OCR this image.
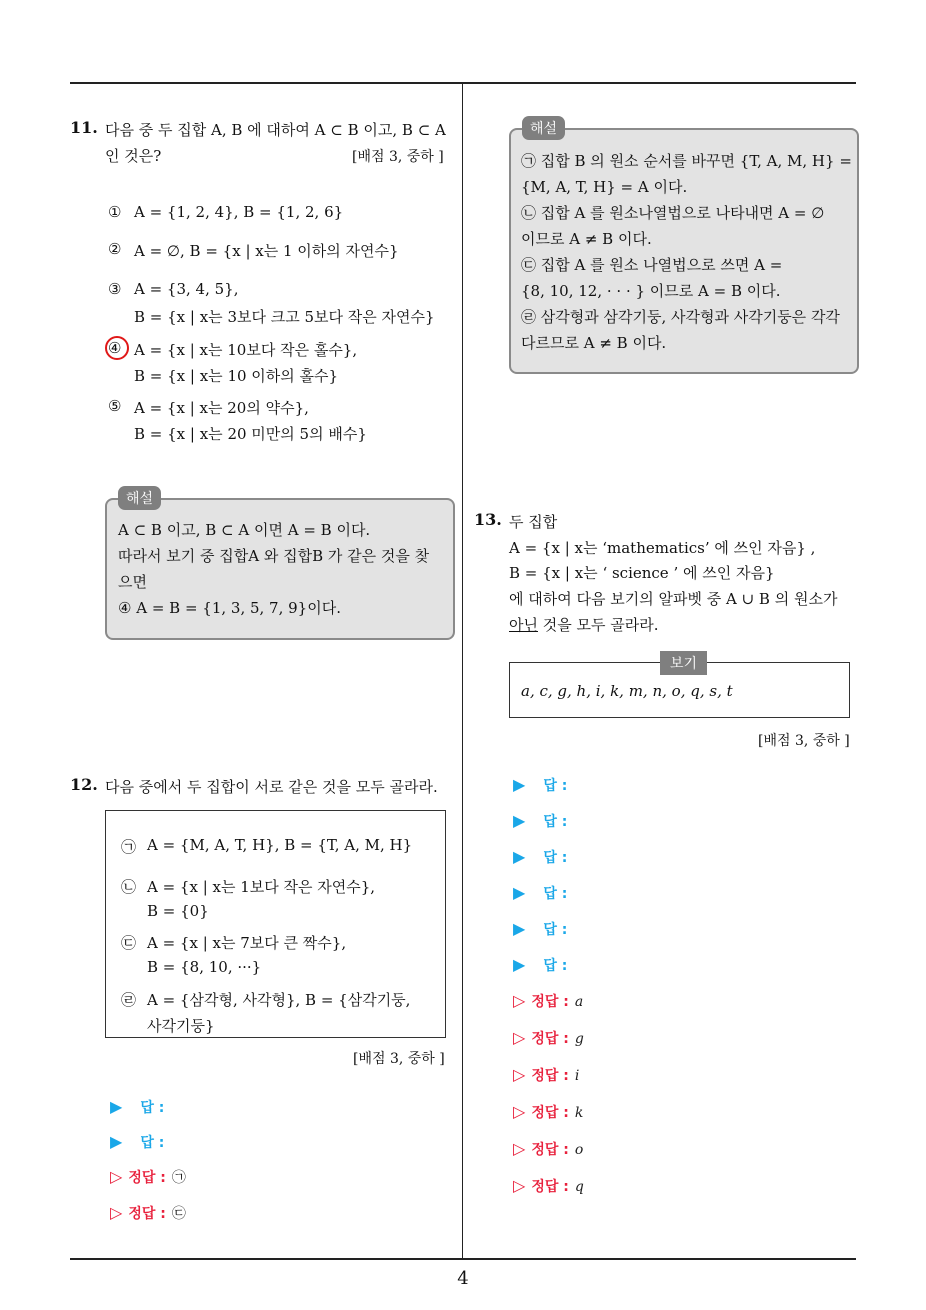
11. 다음 중 두 집합 A, B 에 대하여 A ⊂ B 이고, B ⊂ A
인 것은?	[배점 3, 중하 ]
① A = {1, 2, 4}, B = {1, 2, 6}
② A = ∅, B = {x | x는 1 이하의 자연수}
③ A = {3, 4, 5},
B = {x | x는 3보다 크고 5보다 작은 자연수}
④ A = {x | x는 10보다 작은 홀수},
B = {x | x는 10 이하의 홀수}
⑤ A = {x | x는 20의 약수},
B = {x | x는 20 미만의 5의 배수}
해설
A ⊂ B 이고, B ⊂ A 이면 A = B 이다.
따라서 보기 중 집합A 와 집합B 가 같은 것을 찾
으면
④ A = B = {1, 3, 5, 7, 9}이다.
해설
㉠ 집합 B 의 원소 순서를 바꾸면 {T, A, M, H} =
{M, A, T, H} = A 이다.
㉡ 집합 A 를 원소나열법으로 나타내면 A = ∅
이므로 A ≠ B 이다.
㉢ 집합 A 를 원소 나열법으로 쓰면 A =
{8, 10, 12, · · · } 이므로 A = B 이다.
㉣ 삼각형과 삼각기둥, 사각형과 사각기둥은 각각
다르므로 A ≠ B 이다.
12. 다음 중에서 두 집합이 서로 같은 것을 모두 골라라.
㉠ A = {M, A, T, H}, B = {T, A, M, H}
㉡ A = {x | x는 1보다 작은 자연수},
B = {0}
㉢ A = {x | x는 7보다 큰 짝수},
B = {8, 10, ···}
㉣ A = {삼각형, 사각형}, B = {삼각기둥,
사각기둥}
[배점 3, 중하 ]
▶ 답 :
▶ 답 :
▷ 정답 : ㉠
▷ 정답 : ㉢
13. 두 집합
A = {x | x는 ‘mathematics’ 에 쓰인 자음} ,
B = {x | x는 ‘ science ’ 에 쓰인 자음}
에 대하여 다음 보기의 알파벳 중 A ∪ B 의 원소가
아닌 것을 모두 골라라.
보기
a, c, g, h, i, k, m, n, o, q, s, t
[배점 3, 중하 ]
▶ 답 :
▶ 답 :
▶ 답 :
▶ 답 :
▶ 답 :
▶ 답 :
▷ 정답 : a
▷ 정답 : g
▷ 정답 : i
▷ 정답 : k
▷ 정답 : o
▷ 정답 : q
4
